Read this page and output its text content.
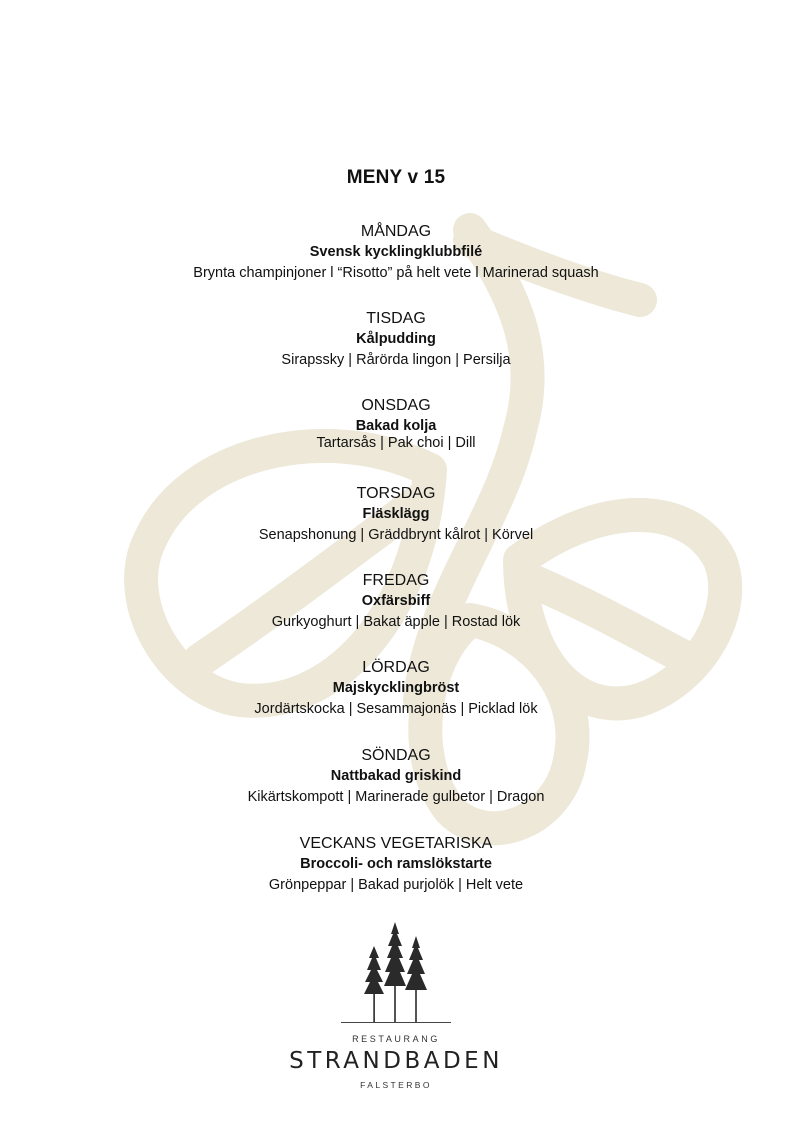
MENY v 15
MÅNDAG
Svensk kycklingklubbfilé
Brynta champinjoner l “Risotto” på helt vete l Marinerad squash
TISDAG
Kålpudding
Sirapssky | Rårörda lingon | Persilja
ONSDAG
Bakad kolja
Tartarsås | Pak choi | Dill
TORSDAG
Fläsklägg
Senapshonung | Gräddbrynt kålrot | Körvel
FREDAG
Oxfärsbiff
Gurkyoghurt | Bakat äpple | Rostad lök
LÖRDAG
Majskycklingbröst
Jordärtskocka | Sesammajonäs | Picklad lök
SÖNDAG
Nattbakad griskind
Kikärtskompott | Marinerade gulbetor | Dragon
VECKANS VEGETARISKA
Broccoli- och ramslökstarte
Grönpeppar | Bakad purjolök | Helt vete
RESTAURANG
STRANDBADEN
FALSTERBO
